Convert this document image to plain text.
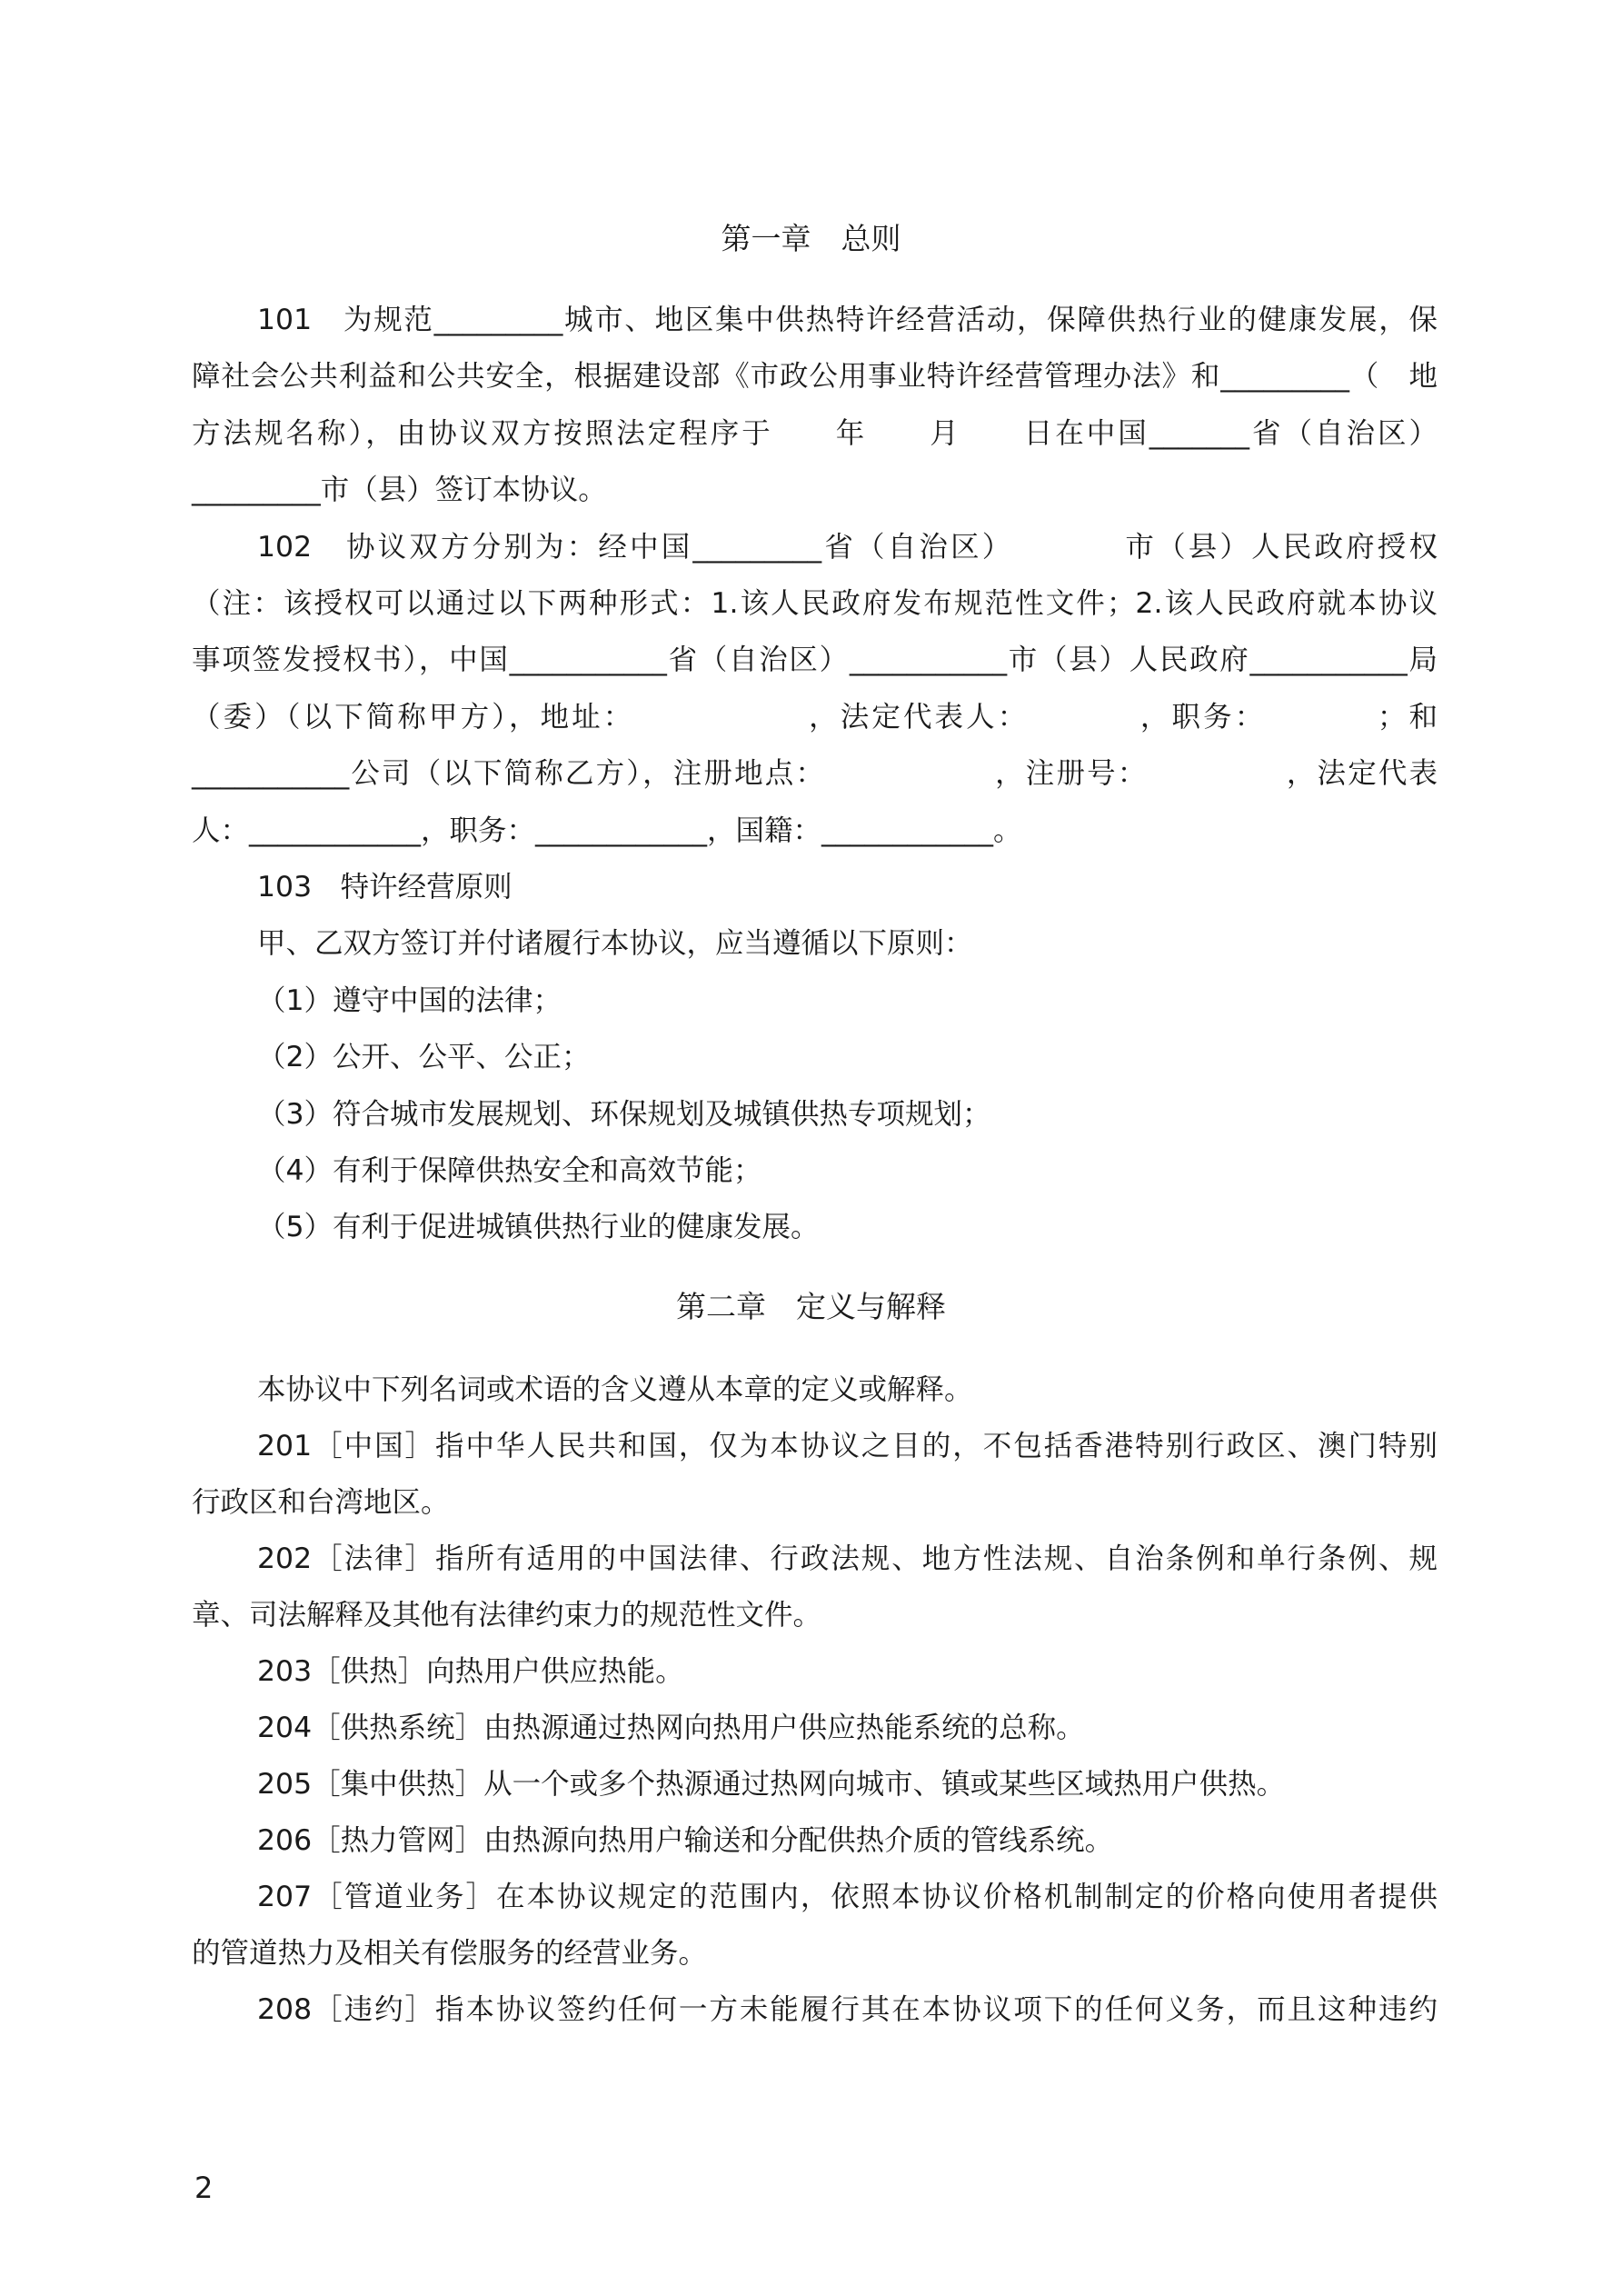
第一章　总则
101　为规范_________城市、地区集中供热特许经营活动，保障供热行业的健康发展，保
障社会公共利益和公共安全，根据建设部《市政公用事业特许经营管理办法》和_________（　地
方法规名称），由协议双方按照法定程序于　　年　　月　　日在中国_______省（自治区）
_________市（县）签订本协议。
102　协议双方分别为：经中国_________省（自治区）　　　　市（县）人民政府授权
（注：该授权可以通过以下两种形式：1.该人民政府发布规范性文件；2.该人民政府就本协议
事项签发授权书），中国___________省（自治区）___________市（县）人民政府___________局
（委）（以下简称甲方），地址：　　　　　　，法定代表人：　　　　，职务：　　　　；和
___________公司（以下简称乙方），注册地点：　　　　　　，注册号：　　　　　，法定代表
人：____________，职务：____________，国籍：____________。
103　特许经营原则
甲、乙双方签订并付诸履行本协议，应当遵循以下原则：
（1）遵守中国的法律；
（2）公开、公平、公正；
（3）符合城市发展规划、环保规划及城镇供热专项规划；
（4）有利于保障供热安全和高效节能；
（5）有利于促进城镇供热行业的健康发展。
第二章　定义与解释
本协议中下列名词或术语的含义遵从本章的定义或解释。
201［中国］指中华人民共和国，仅为本协议之目的，不包括香港特别行政区、澳门特别
行政区和台湾地区。
202［法律］指所有适用的中国法律、行政法规、地方性法规、自治条例和单行条例、规
章、司法解释及其他有法律约束力的规范性文件。
203［供热］向热用户供应热能。
204［供热系统］由热源通过热网向热用户供应热能系统的总称。
205［集中供热］从一个或多个热源通过热网向城市、镇或某些区域热用户供热。
206［热力管网］由热源向热用户输送和分配供热介质的管线系统。
207［管道业务］在本协议规定的范围内，依照本协议价格机制制定的价格向使用者提供
的管道热力及相关有偿服务的经营业务。
208［违约］指本协议签约任何一方未能履行其在本协议项下的任何义务，而且这种违约
2
